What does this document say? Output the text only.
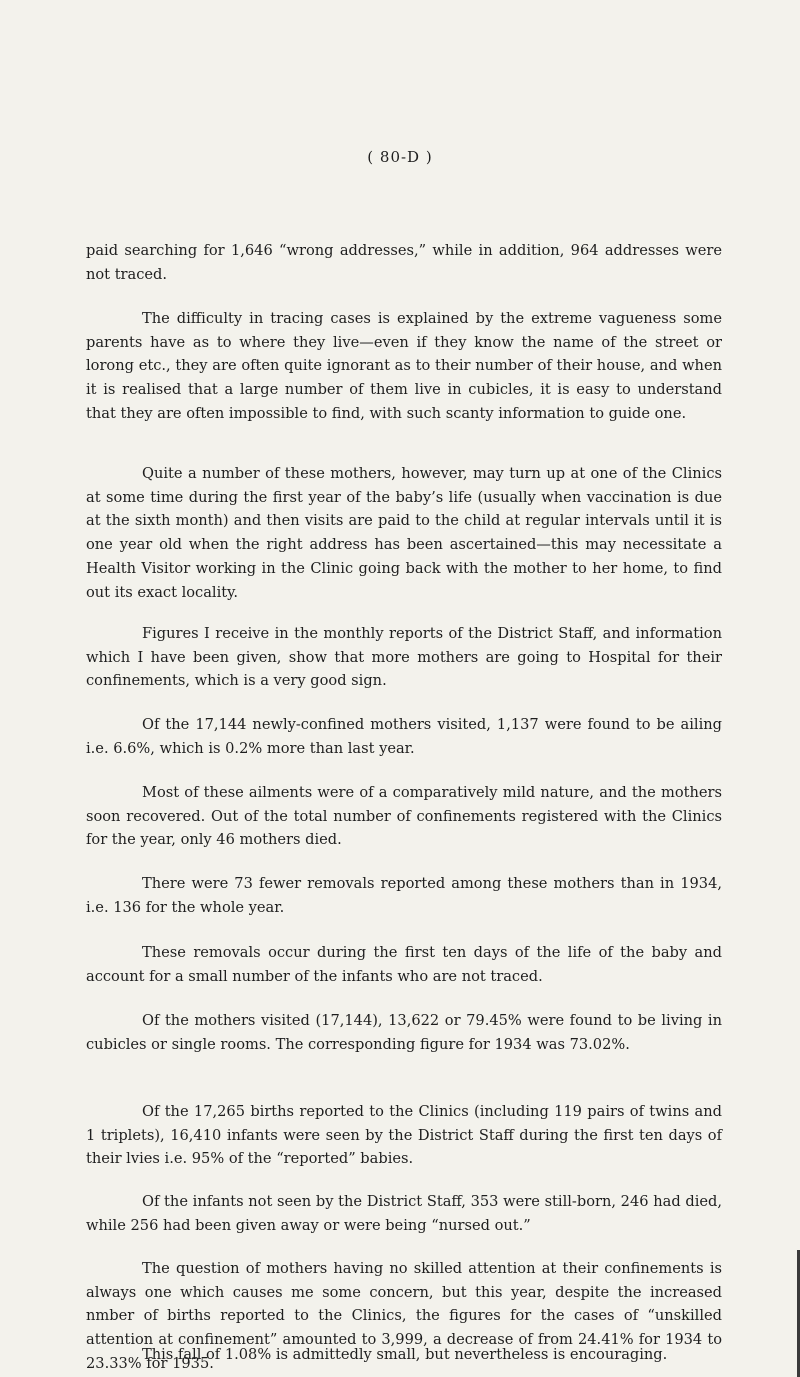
( 80-D )

paid searching for 1,646 “wrong addresses,” while in addition, 964 addresses were not traced.

The difficulty in tracing cases is explained by the extreme vagueness some parents have as to where they live—even if they know the name of the street or lorong etc., they are often quite ignorant as to their number of their house, and when it is realised that a large number of them live in cubicles, it is easy to understand that they are often impossible to find, with such scanty information to guide one.

Quite a number of these mothers, however, may turn up at one of the Clinics at some time during the first year of the baby’s life (usually when vaccination is due at the sixth month) and then visits are paid to the child at regular intervals until it is one year old when the right address has been ascertained—this may necessitate a Health Visitor working in the Clinic going back with the mother to her home, to find out its exact locality.

Figures I receive in the monthly reports of the District Staff, and information which I have been given, show that more mothers are going to Hospital for their confinements, which is a very good sign.

Of the 17,144 newly-confined mothers visited, 1,137 were found to be ailing i.e. 6.6%, which is 0.2% more than last year.

Most of these ailments were of a comparatively mild nature, and the mothers soon recovered. Out of the total number of confinements registered with the Clinics for the year, only 46 mothers died.

There were 73 fewer removals reported among these mothers than in 1934, i.e. 136 for the whole year.

These removals occur during the first ten days of the life of the baby and account for a small number of the infants who are not traced.

Of the mothers visited (17,144), 13,622 or 79.45% were found to be living in cubicles or single rooms. The corresponding figure for 1934 was 73.02%.

Of the 17,265 births reported to the Clinics (including 119 pairs of twins and 1 triplets), 16,410 infants were seen by the District Staff during the first ten days of their lvies i.e. 95% of the “reported” babies.

Of the infants not seen by the District Staff, 353 were still-born, 246 had died, while 256 had been given away or were being “nursed out.”

The question of mothers having no skilled attention at their confinements is always one which causes me some concern, but this year, despite the increased nmber of births reported to the Clinics, the figures for the cases of “unskilled attention at confinement” amounted to 3,999, a decrease of from 24.41% for 1934 to 23.33% for 1935.

This fall of 1.08% is admittedly small, but nevertheless is encouraging.
